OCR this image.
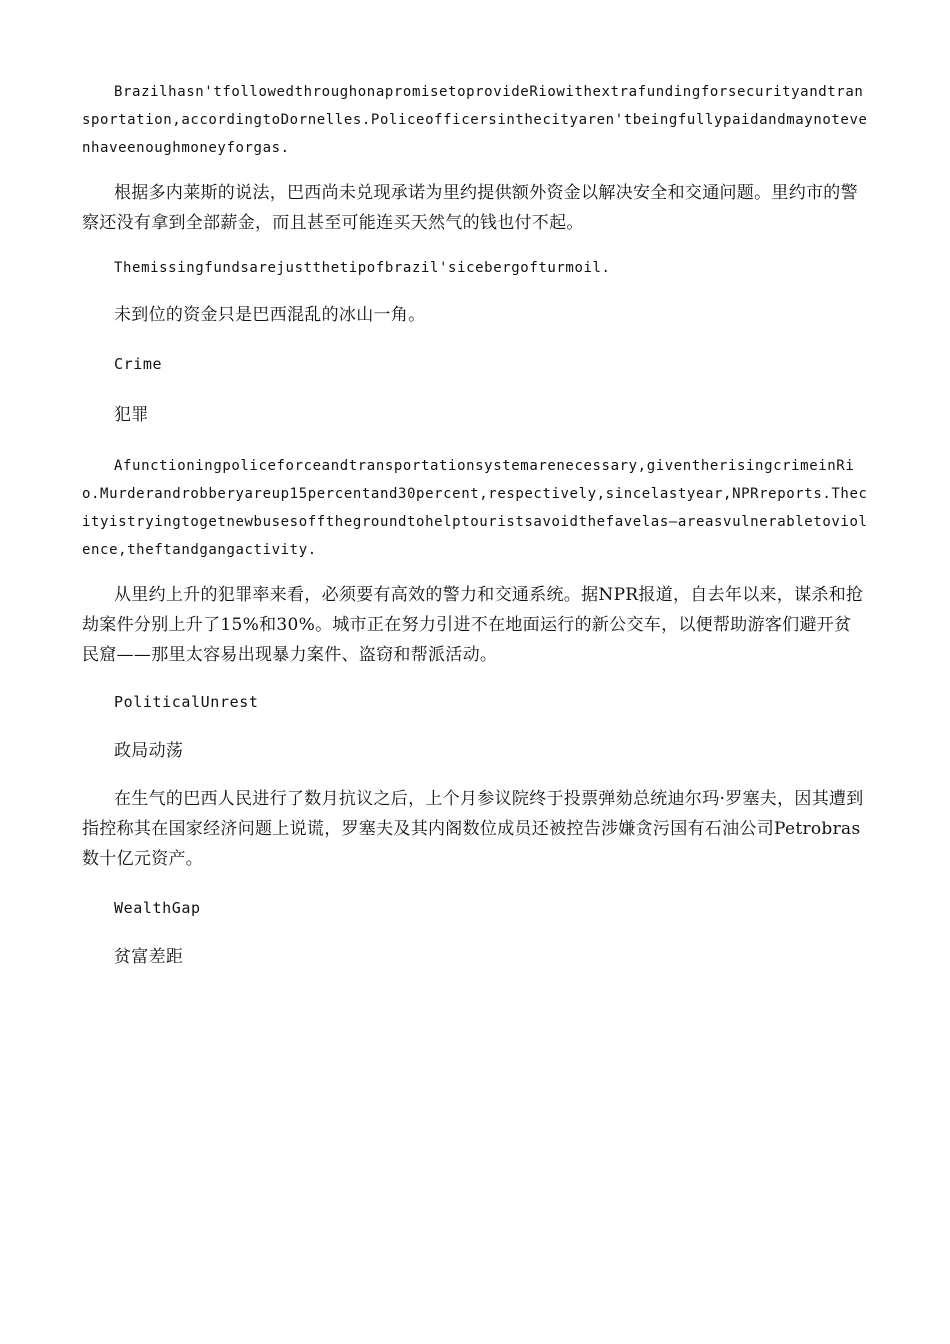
Brazilhasn'tfollowedthroughonapromisetoprovideRiowithextrafundingforsecurityandtransportation,accordingtoDornelles.Policeofficersinthecityaren'tbeingfullypaidandmaynotevenhaveenoughmoneyforgas.

根据多内莱斯的说法，巴西尚未兑现承诺为里约提供额外资金以解决安全和交通问题。里约市的警察还没有拿到全部薪金，而且甚至可能连买天然气的钱也付不起。

Themissingfundsarejustthetipofbrazil'sicebergofturmoil.

未到位的资金只是巴西混乱的冰山一角。

Crime

犯罪

Afunctioningpoliceforceandtransportationsystemarenecessary,giventherisingcrimeinRio.Murderandrobberyareup15percentand30percent,respectively,sincelastyear,NPRreports.Thecityistryingtogetnewbusesoffthegroundtohelptouristsavoidthefavelas—areasvulnerabletoviolence,theftandgangactivity.

从里约上升的犯罪率来看，必须要有高效的警力和交通系统。据NPR报道，自去年以来，谋杀和抢劫案件分别上升了15%和30%。城市正在努力引进不在地面运行的新公交车，以便帮助游客们避开贫民窟——那里太容易出现暴力案件、盗窃和帮派活动。

PoliticalUnrest

政局动荡

在生气的巴西人民进行了数月抗议之后，上个月参议院终于投票弹劾总统迪尔玛·罗塞夫，因其遭到指控称其在国家经济问题上说谎，罗塞夫及其内阁数位成员还被控告涉嫌贪污国有石油公司Petrobras数十亿元资产。

WealthGap

贫富差距
